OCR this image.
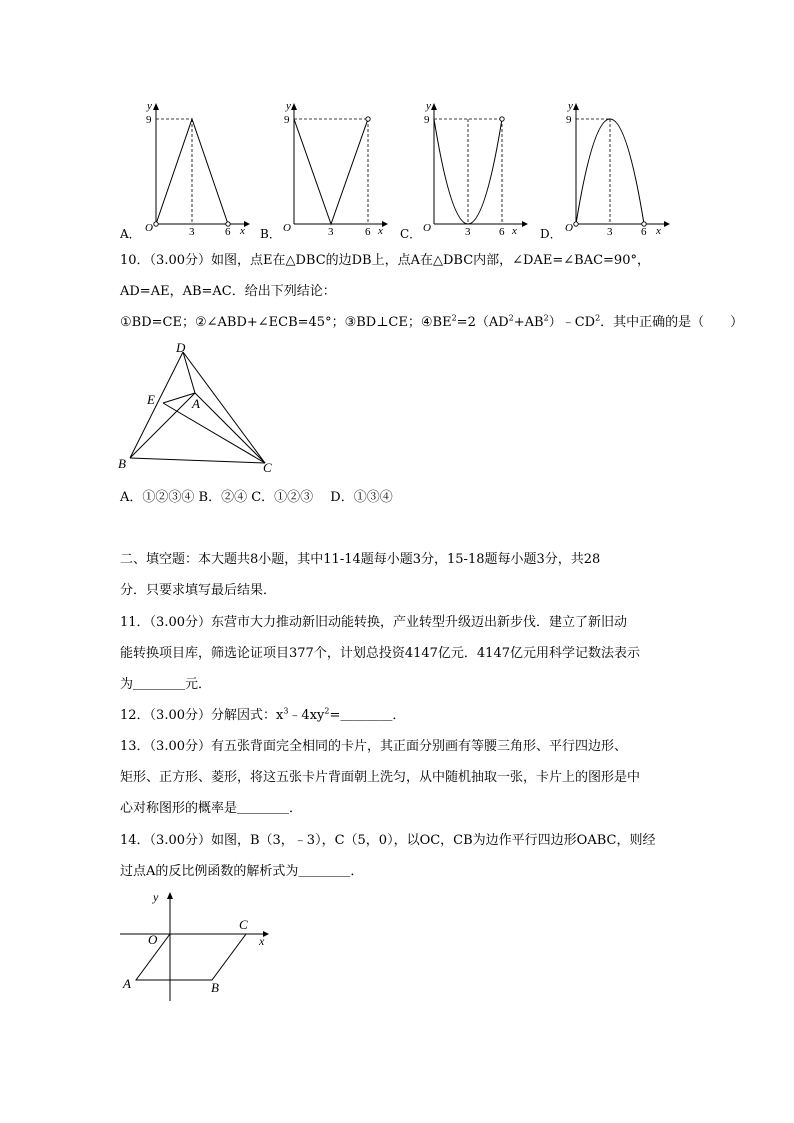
y
9
O	3	6 x
y
9
O	3	6 x
y
9
O	3	6 x
y
9
O	3	6 x
A．	B．	C．	D．
10．（3.00分）如图，点E在△DBC的边DB上，点A在△DBC内部，∠DAE=∠BAC=90°，
AD=AE，AB=AC．给出下列结论：
①BD=CE；②∠ABD+∠ECB=45°；③BD⊥CE；$④BE^2=2(AD^2+AB^2)﹣CD^2$．其中正确的是（　　）
D
E	A
B	C
A．①②③④ B．②④ C．①②③　 D．①③④
二、填空题：本大题共8小题，其中11-14题每小题3分，15-18题每小题3分，共28
分．只要求填写最后结果．
11．（3.00分）东营市大力推动新旧动能转换，产业转型升级迈出新步伐．建立了新旧动
能转换项目库，筛选论证项目377个，计划总投资4147亿元．4147亿元用科学记数法表示
为＿＿＿＿元．
12．（3.00分）分解因式：$x^3﹣4xy^2=\_\_\_\_$．
13．（3.00分）有五张背面完全相同的卡片，其正面分别画有等腰三角形、平行四边形、
矩形、正方形、菱形，将这五张卡片背面朝上洗匀，从中随机抽取一张，卡片上的图形是中
心对称图形的概率是＿＿＿＿．
14．（3.00分）如图，B（3，﹣3），C（5，0），以OC，CB为边作平行四边形OABC，则经
过点A的反比例函数的解析式为＿＿＿＿．
y
O
C
x
A	B
